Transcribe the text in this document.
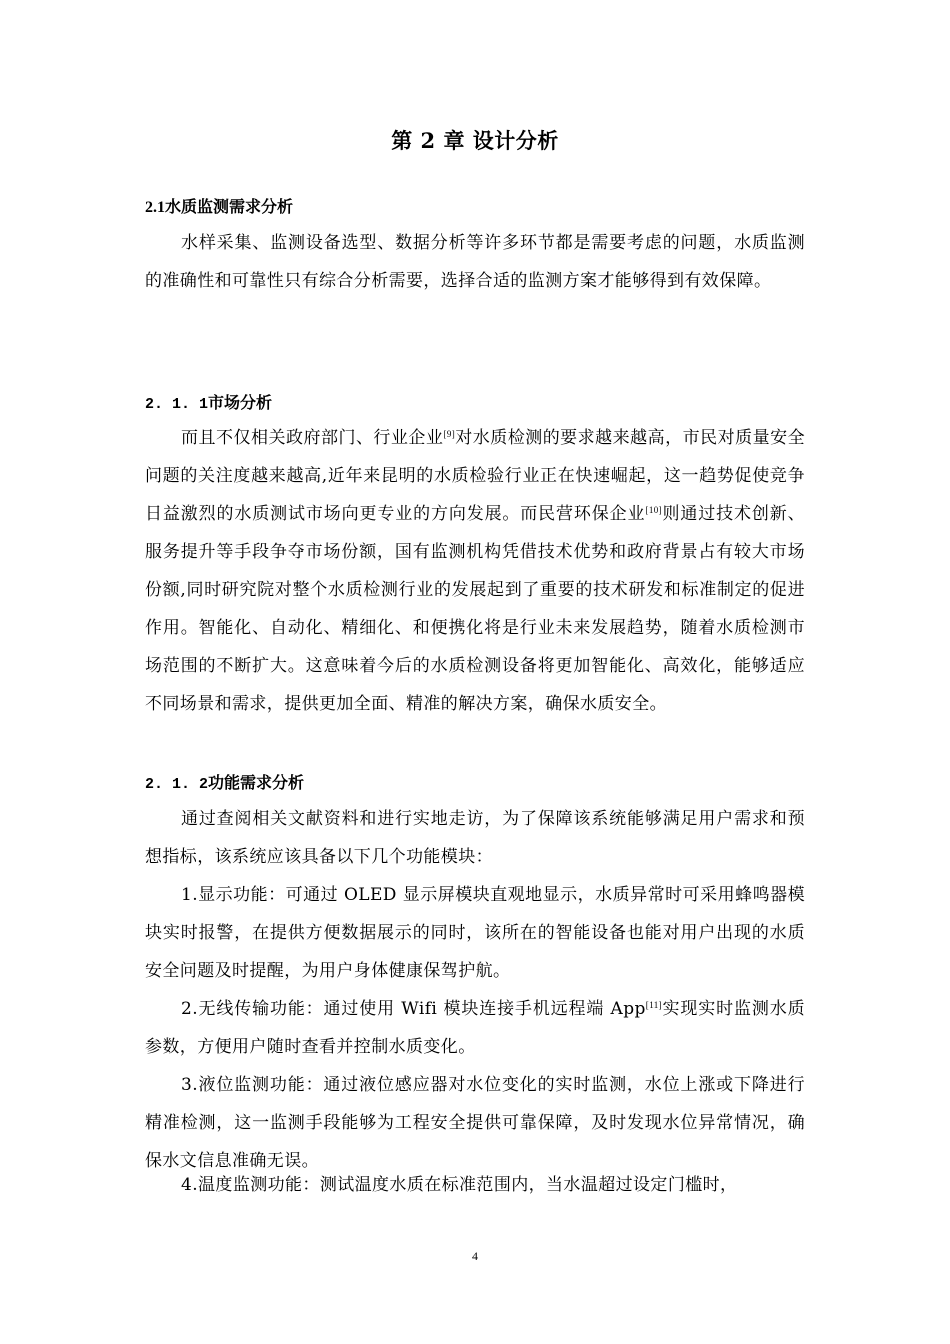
第 2 章 设计分析
2.1水质监测需求分析

水样采集、监测设备选型、数据分析等许多环节都是需要考虑的问题，水质监测的准确性和可靠性只有综合分析需要，选择合适的监测方案才能够得到有效保障。

2. 1. 1市场分析

而且不仅相关政府部门、行业企业[9]对水质检测的要求越来越高，市民对质量安全问题的关注度越来越高,近年来昆明的水质检验行业正在快速崛起，这一趋势促使竞争日益激烈的水质测试市场向更专业的方向发展。而民营环保企业[10]则通过技术创新、服务提升等手段争夺市场份额，国有监测机构凭借技术优势和政府背景占有较大市场份额,同时研究院对整个水质检测行业的发展起到了重要的技术研发和标准制定的促进作用。智能化、自动化、精细化、和便携化将是行业未来发展趋势，随着水质检测市场范围的不断扩大。这意味着今后的水质检测设备将更加智能化、高效化，能够适应不同场景和需求，提供更加全面、精准的解决方案，确保水质安全。

2. 1. 2功能需求分析

通过查阅相关文献资料和进行实地走访，为了保障该系统能够满足用户需求和预想指标，该系统应该具备以下几个功能模块：

1.显示功能：可通过 OLED 显示屏模块直观地显示，水质异常时可采用蜂鸣器模块实时报警，在提供方便数据展示的同时，该所在的智能设备也能对用户出现的水质安全问题及时提醒，为用户身体健康保驾护航。

2.无线传输功能：通过使用 Wifi 模块连接手机远程端 App[11]实现实时监测水质参数，方便用户随时查看并控制水质变化。

3.液位监测功能：通过液位感应器对水位变化的实时监测，水位上涨或下降进行精准检测，这一监测手段能够为工程安全提供可靠保障，及时发现水位异常情况，确保水文信息准确无误。

4.温度监测功能：测试温度水质在标准范围内，当水温超过设定门槛时，

4
